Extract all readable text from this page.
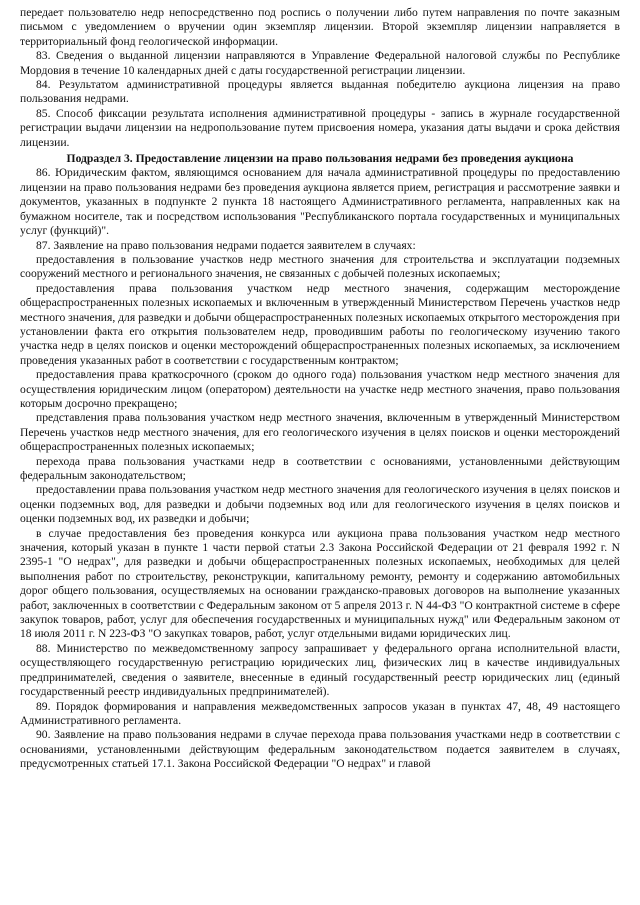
передает пользователю недр непосредственно под роспись о получении либо путем направления по почте заказным письмом с уведомлением о вручении один экземпляр лицензии. Второй экземпляр лицензии направляется в территориальный фонд геологической информации.

83. Сведения о выданной лицензии направляются в Управление Федеральной налоговой службы по Республике Мордовия в течение 10 календарных дней с даты государственной регистрации лицензии.

84. Результатом административной процедуры является выданная победителю аукциона лицензия на право пользования недрами.

85. Способ фиксации результата исполнения административной процедуры - запись в журнале государственной регистрации выдачи лицензии на недропользование путем присвоения номера, указания даты выдачи и срока действия лицензии.

Подраздел 3. Предоставление лицензии на право пользования недрами без проведения аукциона

86. Юридическим фактом, являющимся основанием для начала административной процедуры по предоставлению лицензии на право пользования недрами без проведения аукциона является прием, регистрация и рассмотрение заявки и документов, указанных в подпункте 2 пункта 18 настоящего Административного регламента, направленных как на бумажном носителе, так и посредством использования "Республиканского портала государственных и муниципальных услуг (функций)".

87. Заявление на право пользования недрами подается заявителем в случаях:

предоставления в пользование участков недр местного значения для строительства и эксплуатации подземных сооружений местного и регионального значения, не связанных с добычей полезных ископаемых;

предоставления права пользования участком недр местного значения, содержащим месторождение общераспространенных полезных ископаемых и включенным в утвержденный Министерством Перечень участков недр местного значения, для разведки и добычи общераспространенных полезных ископаемых открытого месторождения при установлении факта его открытия пользователем недр, проводившим работы по геологическому изучению такого участка недр в целях поисков и оценки месторождений общераспространенных полезных ископаемых, за исключением проведения указанных работ в соответствии с государственным контрактом;

предоставления права краткосрочного (сроком до одного года) пользования участком недр местного значения для осуществления юридическим лицом (оператором) деятельности на участке недр местного значения, право пользования которым досрочно прекращено;

представления права пользования участком недр местного значения, включенным в утвержденный Министерством Перечень участков недр местного значения, для его геологического изучения в целях поисков и оценки месторождений общераспространенных полезных ископаемых;

перехода права пользования участками недр в соответствии с основаниями, установленными действующим федеральным законодательством;

предоставлении права пользования участком недр местного значения для геологического изучения в целях поисков и оценки подземных вод, для разведки и добычи подземных вод или для геологического изучения в целях поисков и оценки подземных вод, их разведки и добычи;

в случае предоставления без проведения конкурса или аукциона права пользования участком недр местного значения, который указан в пункте 1 части первой статьи 2.3 Закона Российской Федерации от 21 февраля 1992 г. N 2395-1 "О недрах", для разведки и добычи общераспространенных полезных ископаемых, необходимых для целей выполнения работ по строительству, реконструкции, капитальному ремонту, ремонту и содержанию автомобильных дорог общего пользования, осуществляемых на основании гражданско-правовых договоров на выполнение указанных работ, заключенных в соответствии с Федеральным законом от 5 апреля 2013 г. N 44-ФЗ "О контрактной системе в сфере закупок товаров, работ, услуг для обеспечения государственных и муниципальных нужд" или Федеральным законом от 18 июля 2011 г. N 223-ФЗ "О закупках товаров, работ, услуг отдельными видами юридических лиц.

88. Министерство по межведомственному запросу запрашивает у федерального органа исполнительной власти, осуществляющего государственную регистрацию юридических лиц, физических лиц в качестве индивидуальных предпринимателей, сведения о заявителе, внесенные в единый государственный реестр юридических лиц (единый государственный реестр индивидуальных предпринимателей).

89. Порядок формирования и направления межведомственных запросов указан в пунктах 47, 48, 49 настоящего Административного регламента.

90. Заявление на право пользования недрами в случае перехода права пользования участками недр в соответствии с основаниями, установленными действующим федеральным законодательством подается заявителем в случаях, предусмотренных статьей 17.1. Закона Российской Федерации "О недрах" и главой
